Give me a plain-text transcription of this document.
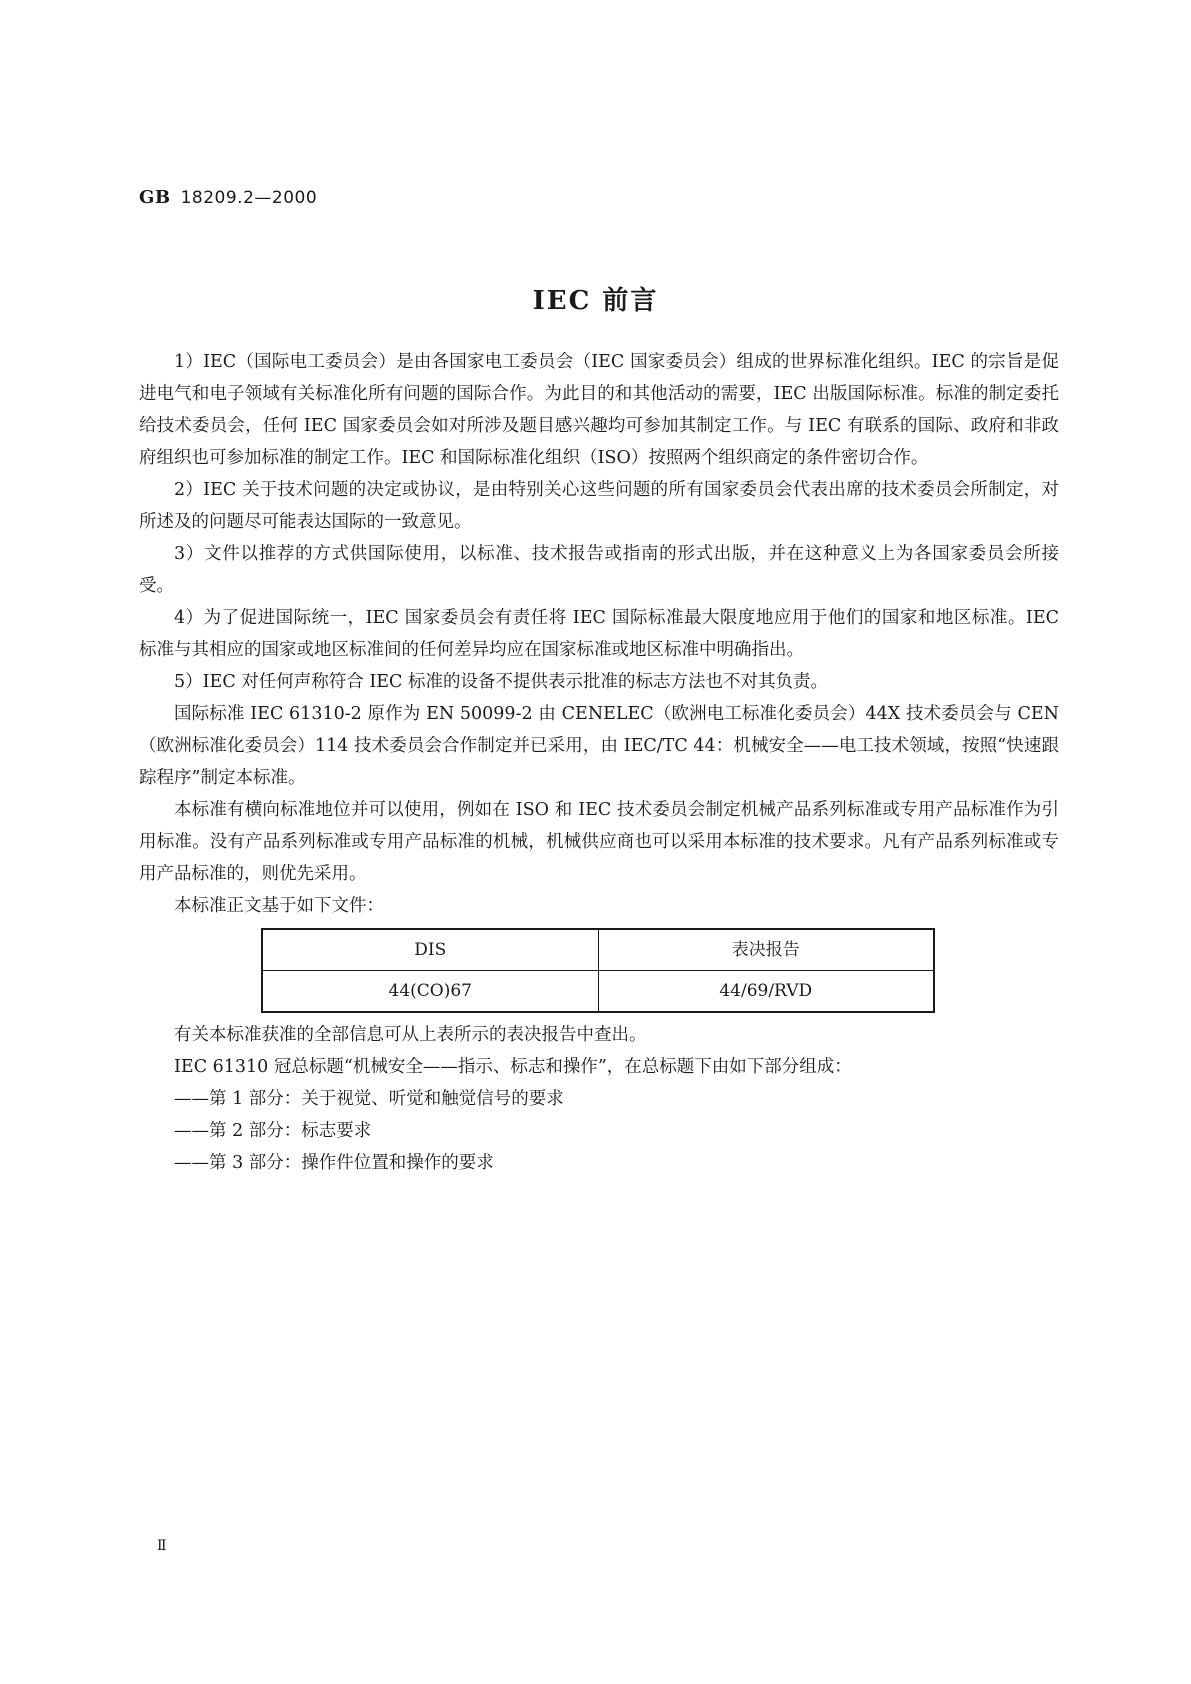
GB 18209.2—2000
IEC 前言

1）IEC（国际电工委员会）是由各国家电工委员会（IEC 国家委员会）组成的世界标准化组织。IEC 的宗旨是促进电气和电子领域有关标准化所有问题的国际合作。为此目的和其他活动的需要，IEC 出版国际标准。标准的制定委托给技术委员会，任何 IEC 国家委员会如对所涉及题目感兴趣均可参加其制定工作。与 IEC 有联系的国际、政府和非政府组织也可参加标准的制定工作。IEC 和国际标准化组织（ISO）按照两个组织商定的条件密切合作。

2）IEC 关于技术问题的决定或协议，是由特别关心这些问题的所有国家委员会代表出席的技术委员会所制定，对所述及的问题尽可能表达国际的一致意见。

3）文件以推荐的方式供国际使用，以标准、技术报告或指南的形式出版，并在这种意义上为各国家委员会所接受。

4）为了促进国际统一，IEC 国家委员会有责任将 IEC 国际标准最大限度地应用于他们的国家和地区标准。IEC 标准与其相应的国家或地区标准间的任何差异均应在国家标准或地区标准中明确指出。

5）IEC 对任何声称符合 IEC 标准的设备不提供表示批准的标志方法也不对其负责。

国际标准 IEC 61310-2 原作为 EN 50099-2 由 CENELEC（欧洲电工标准化委员会）44X 技术委员会与 CEN（欧洲标准化委员会）114 技术委员会合作制定并已采用，由 IEC/TC 44：机械安全——电工技术领域，按照“快速跟踪程序”制定本标准。

本标准有横向标准地位并可以使用，例如在 ISO 和 IEC 技术委员会制定机械产品系列标准或专用产品标准作为引用标准。没有产品系列标准或专用产品标准的机械，机械供应商也可以采用本标准的技术要求。凡有产品系列标准或专用产品标准的，则优先采用。

本标准正文基于如下文件：

DIS	表决报告
44(CO)67	44/69/RVD

有关本标准获准的全部信息可从上表所示的表决报告中查出。

IEC 61310 冠总标题“机械安全——指示、标志和操作”，在总标题下由如下部分组成：

——第 1 部分：关于视觉、听觉和触觉信号的要求
——第 2 部分：标志要求
——第 3 部分：操作件位置和操作的要求
Ⅱ
